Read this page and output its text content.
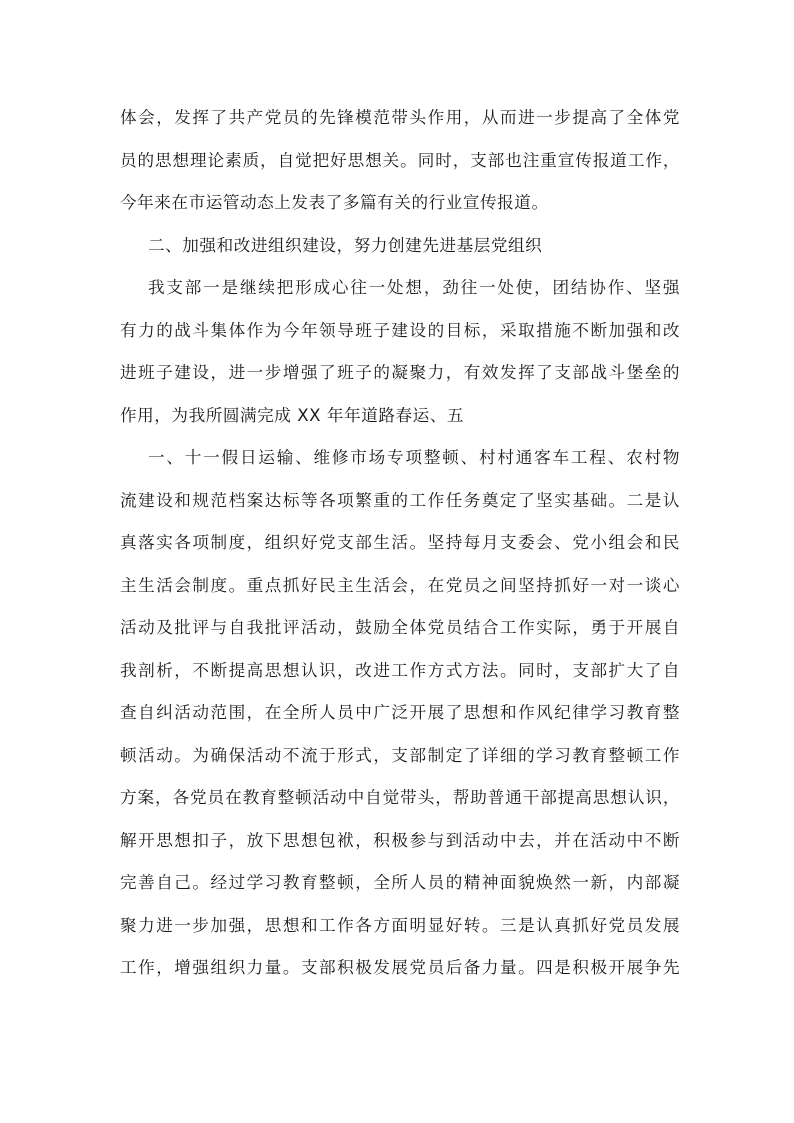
体会，发挥了共产党员的先锋模范带头作用，从而进一步提高了全体党
员的思想理论素质，自觉把好思想关。同时，支部也注重宣传报道工作，
今年来在市运管动态上发表了多篇有关的行业宣传报道。
二、加强和改进组织建设，努力创建先进基层党组织
我支部一是继续把形成心往一处想，劲往一处使，团结协作、坚强
有力的战斗集体作为今年领导班子建设的目标，采取措施不断加强和改
进班子建设，进一步增强了班子的凝聚力，有效发挥了支部战斗堡垒的
作用，为我所圆满完成 XX 年年道路春运、五
一、十一假日运输、维修市场专项整顿、村村通客车工程、农村物
流建设和规范档案达标等各项繁重的工作任务奠定了坚实基础。二是认
真落实各项制度，组织好党支部生活。坚持每月支委会、党小组会和民
主生活会制度。重点抓好民主生活会，在党员之间坚持抓好一对一谈心
活动及批评与自我批评活动，鼓励全体党员结合工作实际，勇于开展自
我剖析，不断提高思想认识，改进工作方式方法。同时，支部扩大了自
查自纠活动范围，在全所人员中广泛开展了思想和作风纪律学习教育整
顿活动。为确保活动不流于形式，支部制定了详细的学习教育整顿工作
方案，各党员在教育整顿活动中自觉带头，帮助普通干部提高思想认识，
解开思想扣子，放下思想包袱，积极参与到活动中去，并在活动中不断
完善自己。经过学习教育整顿，全所人员的精神面貌焕然一新，内部凝
聚力进一步加强，思想和工作各方面明显好转。三是认真抓好党员发展
工作，增强组织力量。支部积极发展党员后备力量。四是积极开展争先
